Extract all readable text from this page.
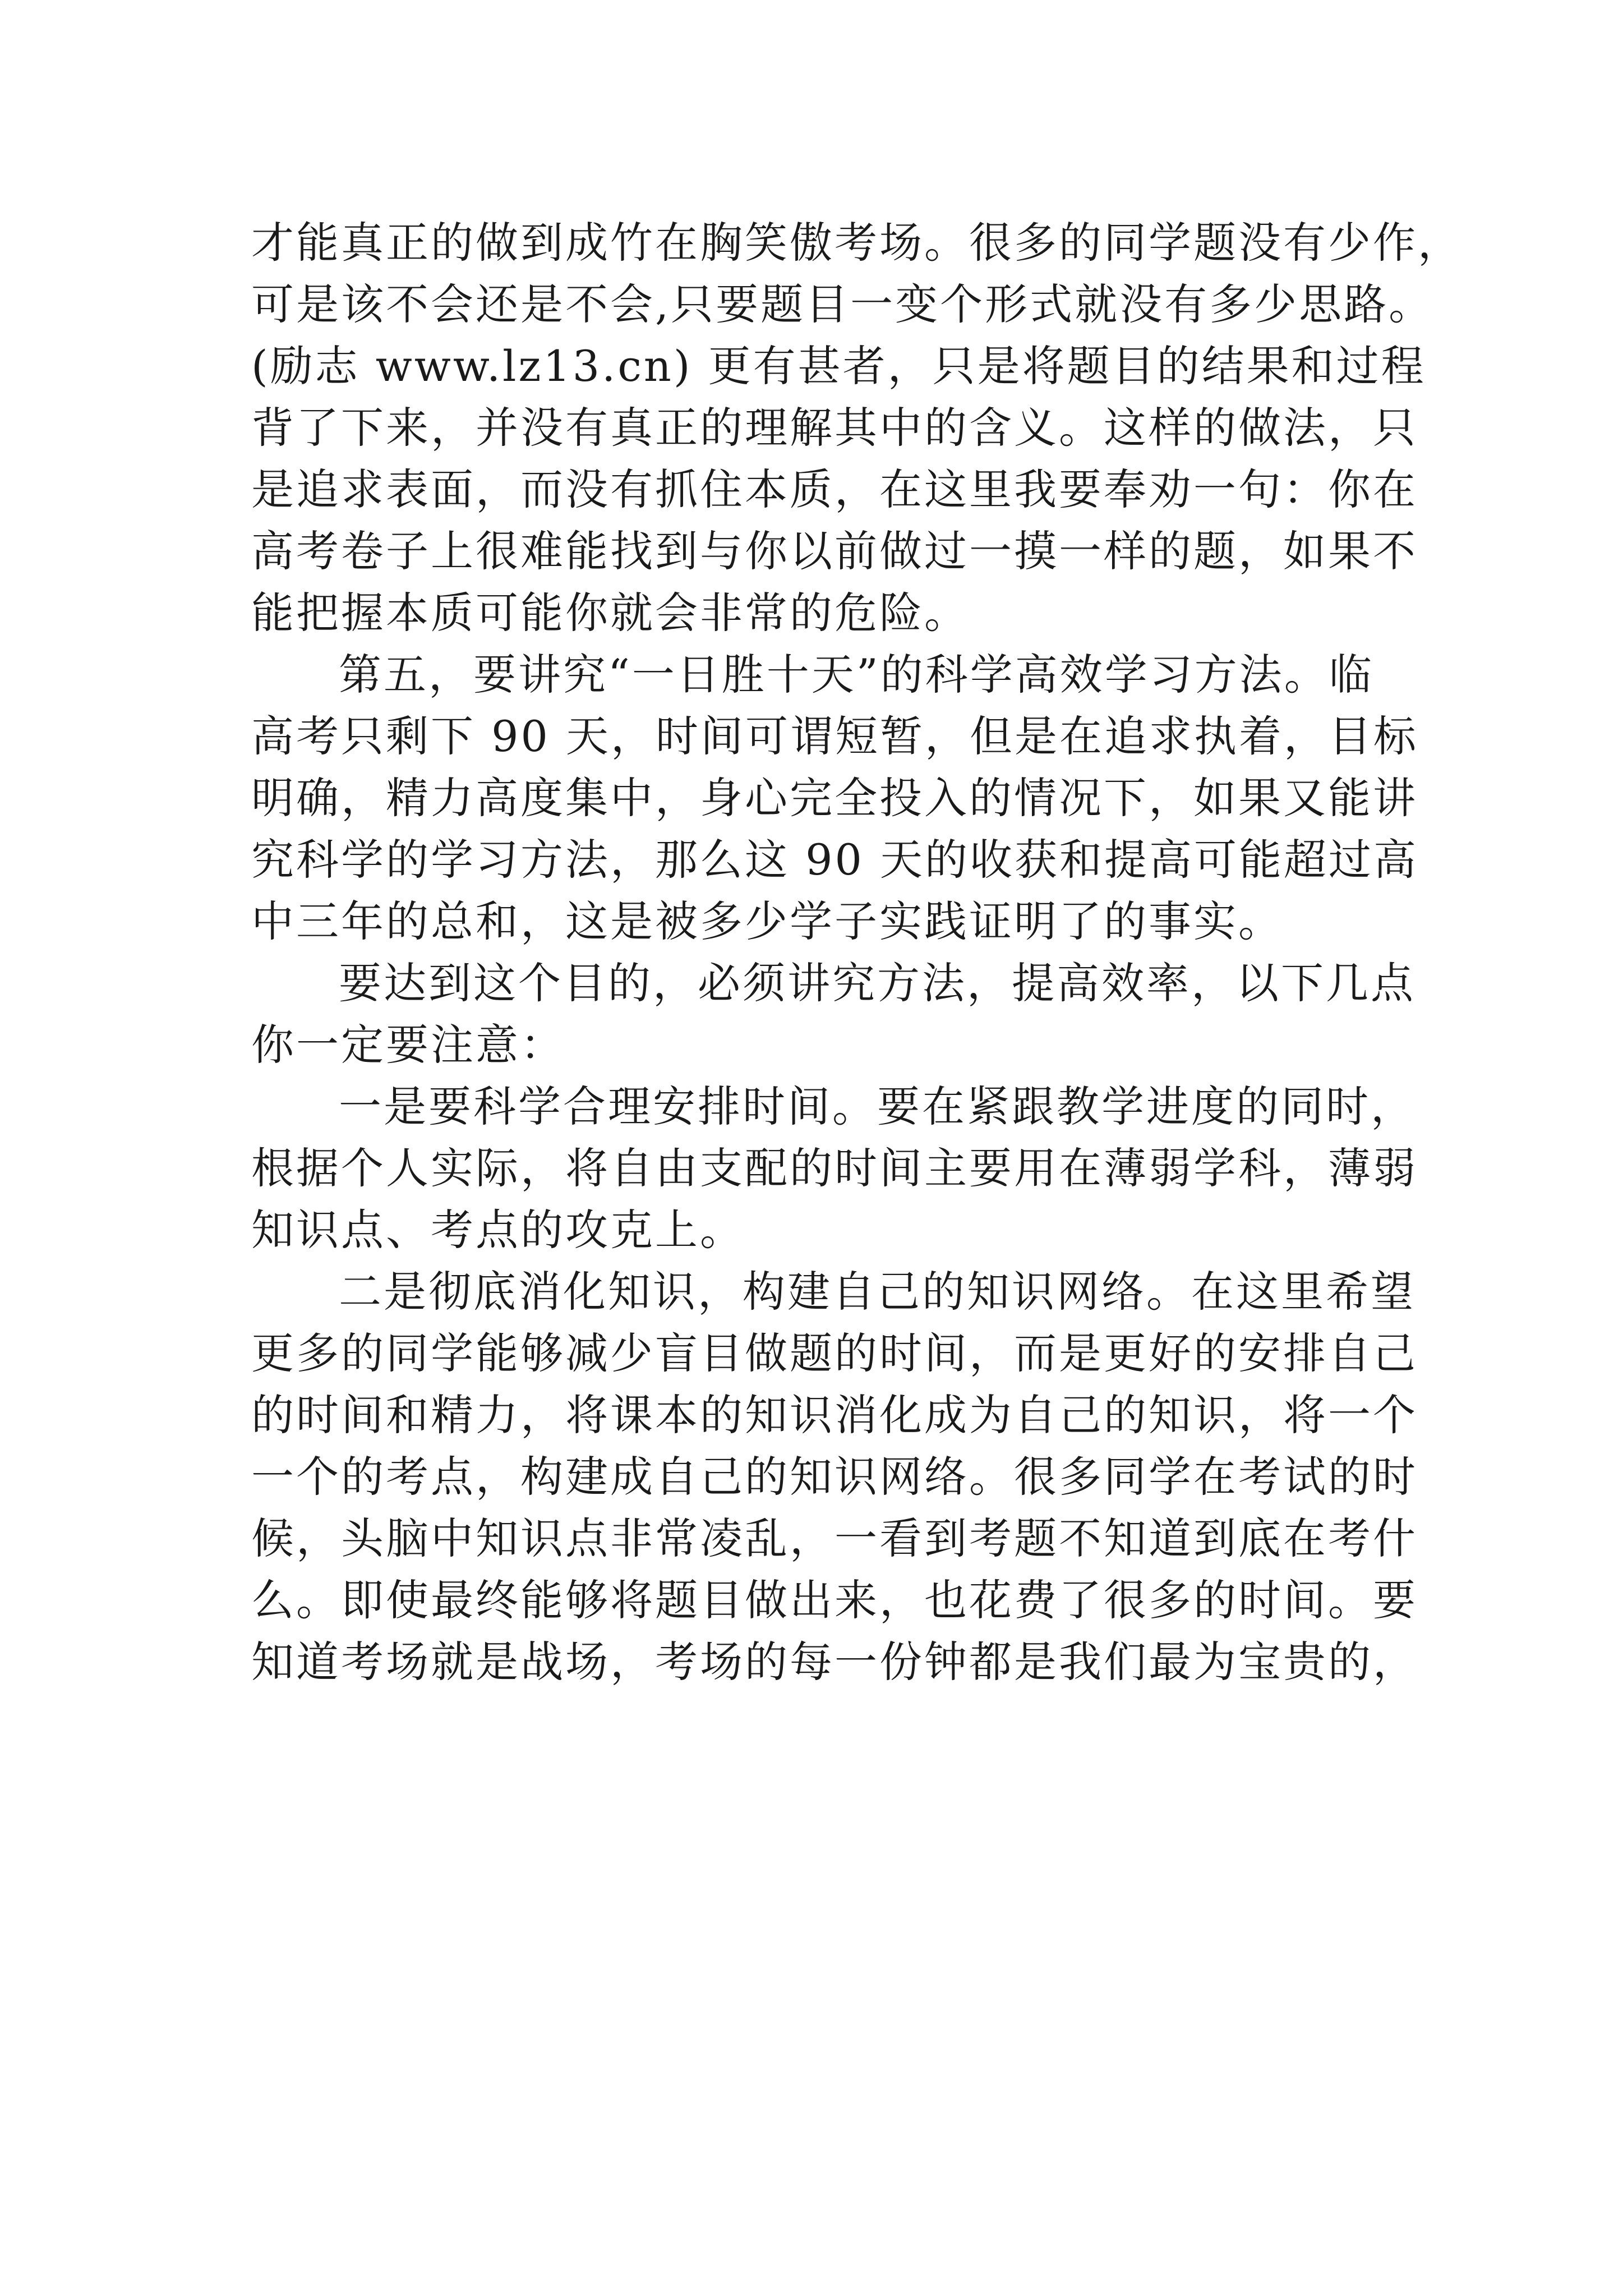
才能真正的做到成竹在胸笑傲考场。很多的同学题没有少作，
可是该不会还是不会,只要题目一变个形式就没有多少思路。
(励志 www.lz13.cn) 更有甚者，只是将题目的结果和过程
背了下来，并没有真正的理解其中的含义。这样的做法，只
是追求表面，而没有抓住本质，在这里我要奉劝一句：你在
高考卷子上很难能找到与你以前做过一摸一样的题，如果不
能把握本质可能你就会非常的危险。
第五，要讲究“一日胜十天”的科学高效学习方法。临
高考只剩下 90 天，时间可谓短暂，但是在追求执着，目标
明确，精力高度集中，身心完全投入的情况下，如果又能讲
究科学的学习方法，那么这 90 天的收获和提高可能超过高
中三年的总和，这是被多少学子实践证明了的事实。
要达到这个目的，必须讲究方法，提高效率，以下几点
你一定要注意：
一是要科学合理安排时间。要在紧跟教学进度的同时，
根据个人实际，将自由支配的时间主要用在薄弱学科，薄弱
知识点、考点的攻克上。
二是彻底消化知识，构建自己的知识网络。在这里希望
更多的同学能够减少盲目做题的时间，而是更好的安排自己
的时间和精力，将课本的知识消化成为自己的知识，将一个
一个的考点，构建成自己的知识网络。很多同学在考试的时
候，头脑中知识点非常凌乱，一看到考题不知道到底在考什
么。即使最终能够将题目做出来，也花费了很多的时间。要
知道考场就是战场，考场的每一份钟都是我们最为宝贵的，
